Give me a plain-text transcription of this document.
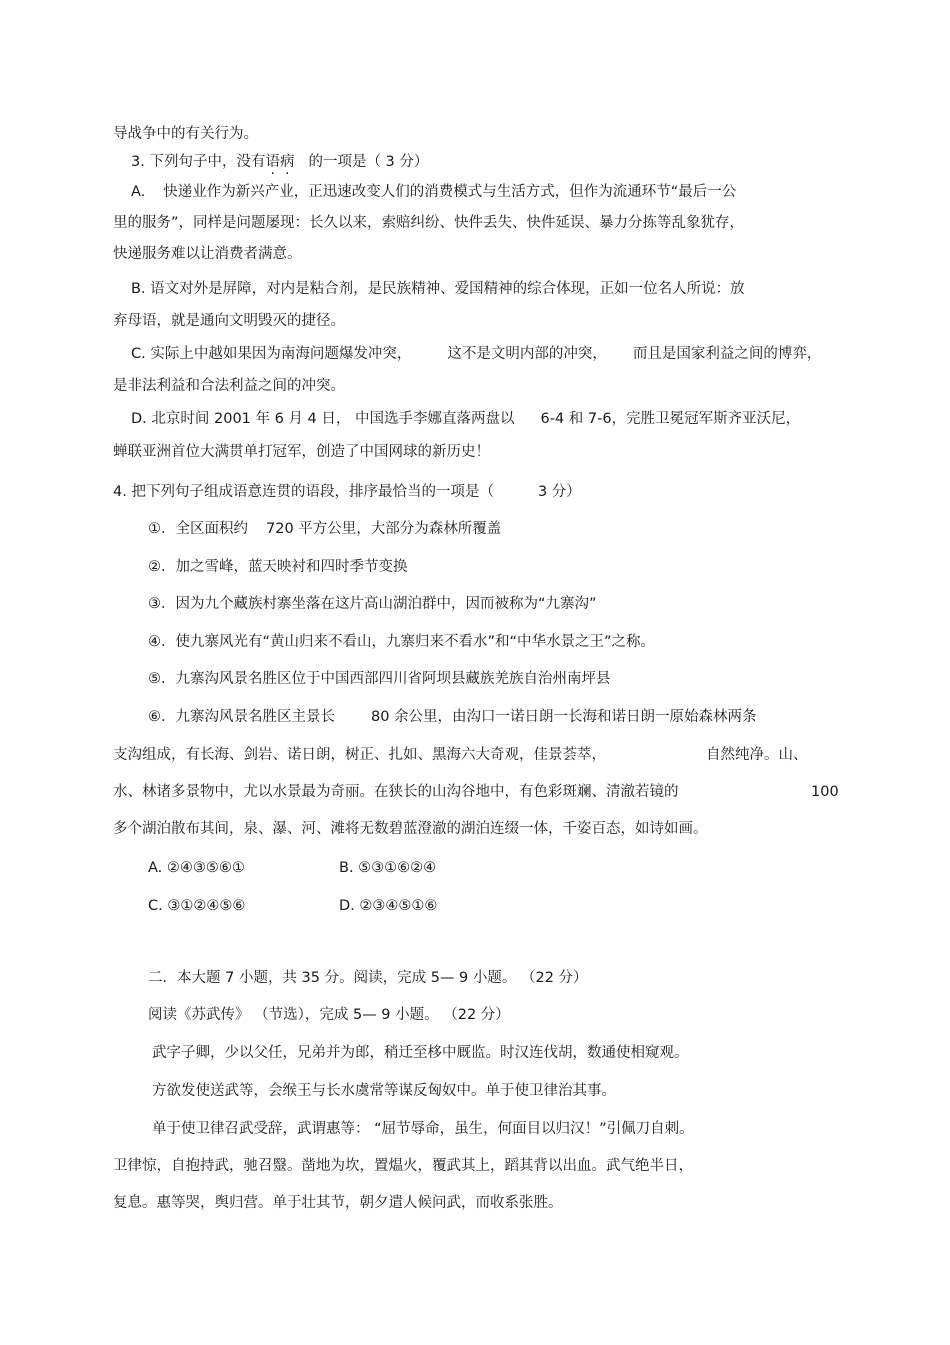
导战争中的有关行为。
3. 下列句子中，没有语病 的一项是（ 3 分）
A. 快递业作为新兴产业，正迅速改变人们的消费模式与生活方式，但作为流通环节“最后一公
里的服务”，同样是问题屡现：长久以来，索赔纠纷、快件丢失、快件延误、暴力分拣等乱象犹存，
快递服务难以让消费者满意。
B. 语文对外是屏障，对内是粘合剂，是民族精神、爱国精神的综合体现，正如一位名人所说：放
弃母语，就是通向文明毁灭的捷径。
C. 实际上中越如果因为南海问题爆发冲突， 这不是文明内部的冲突， 而且是国家利益之间的博弈，
是非法利益和合法利益之间的冲突。
D. 北京时间 2001 年 6 月 4 日， 中国选手李娜直落两盘以 6-4 和 7-6，完胜卫冕冠军斯齐亚沃尼，
蝉联亚洲首位大满贯单打冠军，创造了中国网球的新历史！
4. 把下列句子组成语意连贯的语段，排序最恰当的一项是（	3 分）
①．全区面积约 720 平方公里，大部分为森林所覆盖
②．加之雪峰，蓝天映衬和四时季节变换
③．因为九个藏族村寨坐落在这片高山湖泊群中，因而被称为“九寨沟”
④．使九寨风光有“黄山归来不看山，九寨归来不看水”和“中华水景之王”之称。
⑤．九寨沟风景名胜区位于中国西部四川省阿坝县藏族羌族自治州南坪县
⑥．九寨沟风景名胜区主景长 80 余公里，由沟口一诺日朗一长海和诺日朗一原始森林两条
支沟组成，有长海、剑岩、诺日朗，树正、扎如、黑海六大奇观，佳景荟萃，	自然纯净。山、
水、林诸多景物中，尤以水景最为奇丽。在狭长的山沟谷地中，有色彩斑斓、清澈若镜的	100
多个湖泊散布其间，泉、瀑、河、滩将无数碧蓝澄澈的湖泊连缀一体，千姿百态，如诗如画。
A. ②④③⑤⑥①	B. ⑤③①⑥②④
C. ③①②④⑤⑥	D. ②③④⑤①⑥
二．本大题 7 小题，共 35 分。阅读，完成 5— 9 小题。 （22 分）
阅读《苏武传》 （节选），完成 5— 9 小题。 （22 分）
武字子卿，少以父任，兄弟并为郎，稍迁至栘中厩监。时汉连伐胡，数通使相窥观。
方欲发使送武等，会缑王与长水虞常等谋反匈奴中。单于使卫律治其事。
单于使卫律召武受辞，武谓惠等： “屈节辱命，虽生，何面目以归汉！”引佩刀自刺。
卫律惊，自抱持武，驰召毉。凿地为坎，置煴火，覆武其上，蹈其背以出血。武气绝半日，
复息。惠等哭，舆归营。单于壮其节，朝夕遣人候问武，而收系张胜。
